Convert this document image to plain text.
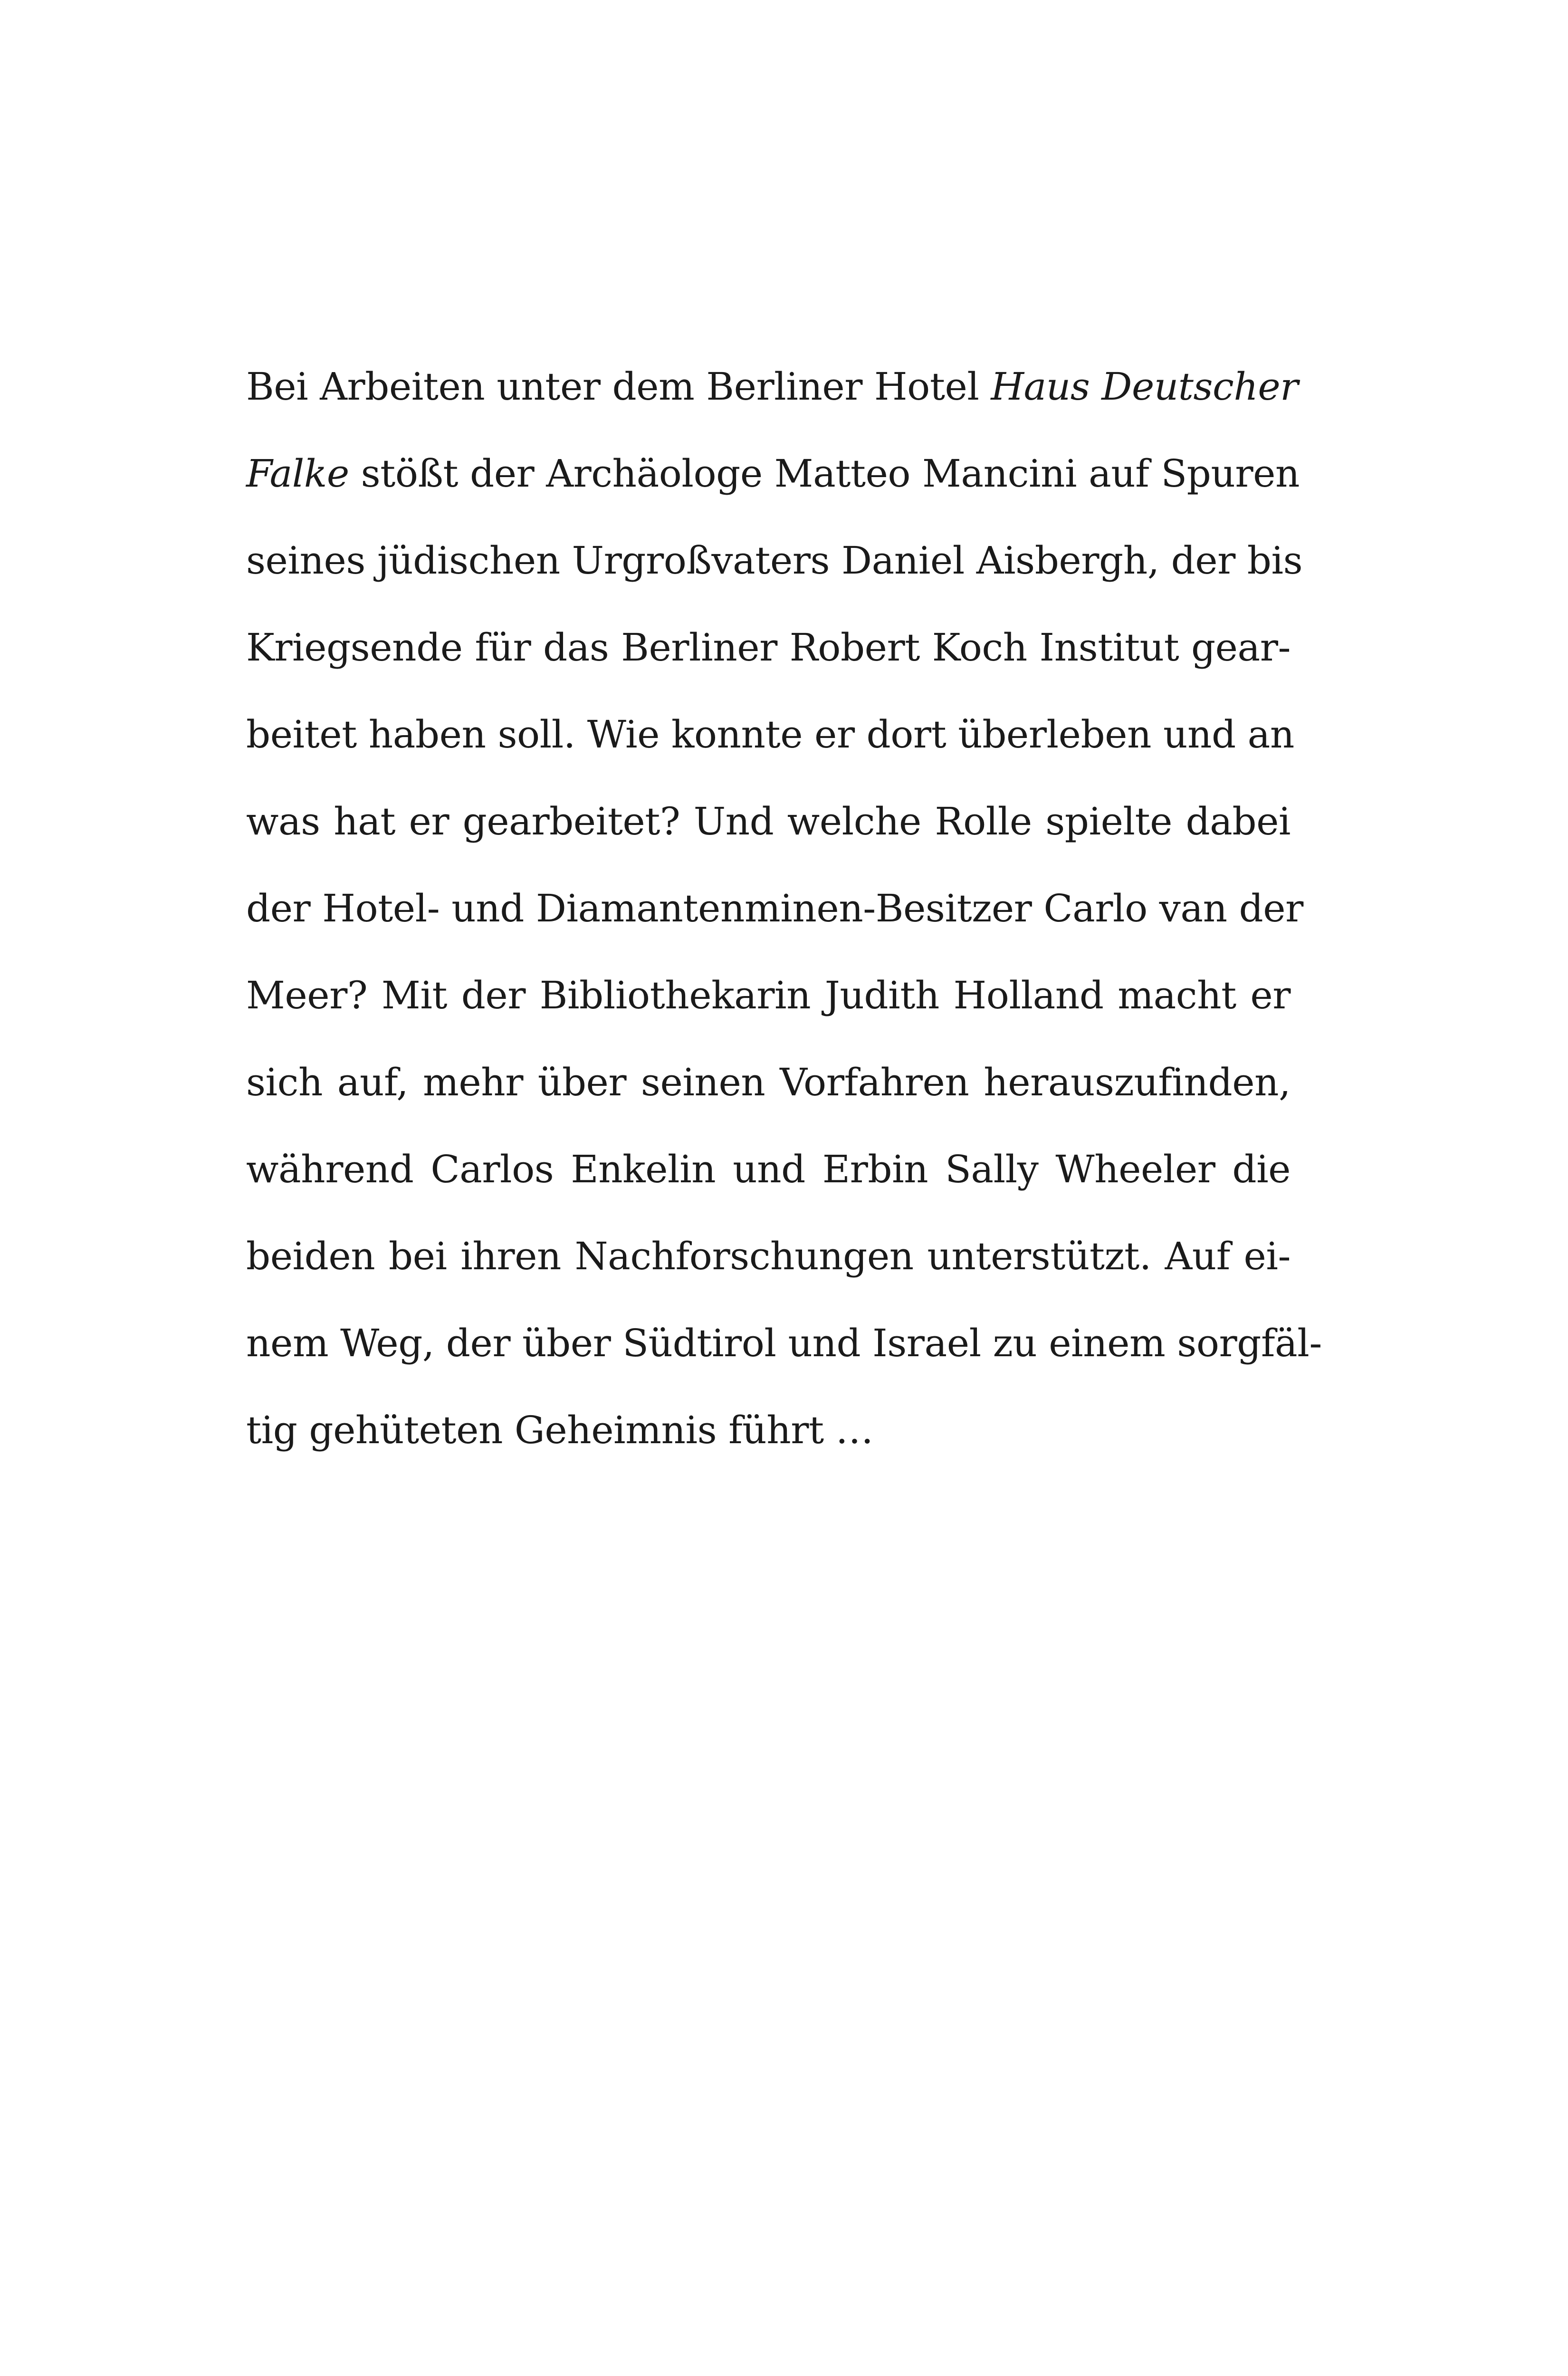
Bei Arbeiten unter dem Berliner Hotel Haus Deutscher
Falke stößt der Archäologe Matteo Mancini auf Spuren
seines jüdischen Urgroßvaters Daniel Aisbergh, der bis
Kriegsende für das Berliner Robert Koch Institut gear-
beitet haben soll. Wie konnte er dort überleben und an
was hat er gearbeitet? Und welche Rolle spielte dabei
der Hotel- und Diamantenminen-Besitzer Carlo van der
Meer? Mit der Bibliothekarin Judith Holland macht er
sich auf, mehr über seinen Vorfahren herauszufinden,
während Carlos Enkelin und Erbin Sally Wheeler die
beiden bei ihren Nachforschungen unterstützt. Auf ei-
nem Weg, der über Südtirol und Israel zu einem sorgfäl-
tig gehüteten Geheimnis führt …
